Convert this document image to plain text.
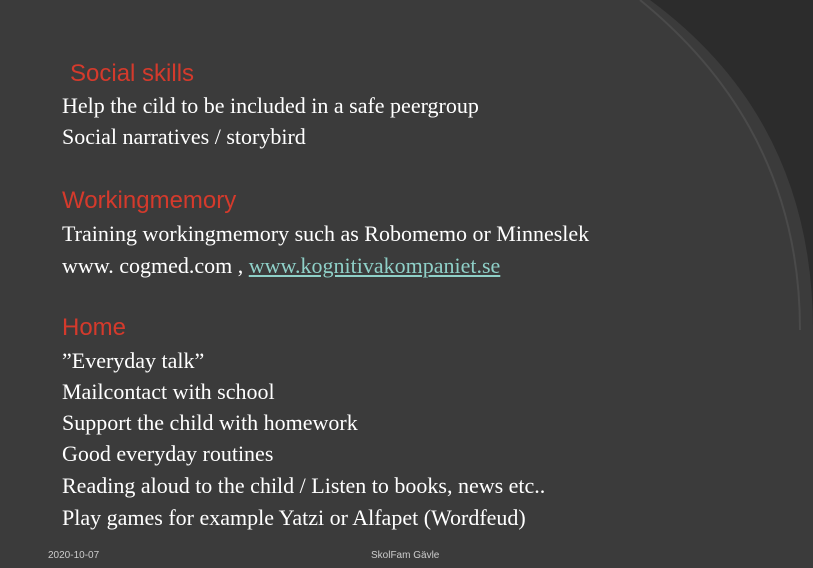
Social skills
Help the cild to be included in a safe peergroup
Social narratives / storybird
Workingmemory
Training workingmemory such as Robomemo or Minneslek
www. cogmed.com , www.kognitivakompaniet.se
Home
”Everyday talk”
Mailcontact with school
Support the child with homework
Good everyday routines
Reading aloud to the child / Listen to books, news etc..
Play games for example Yatzi or Alfapet (Wordfeud)
2020-10-07	SkolFam Gävle
